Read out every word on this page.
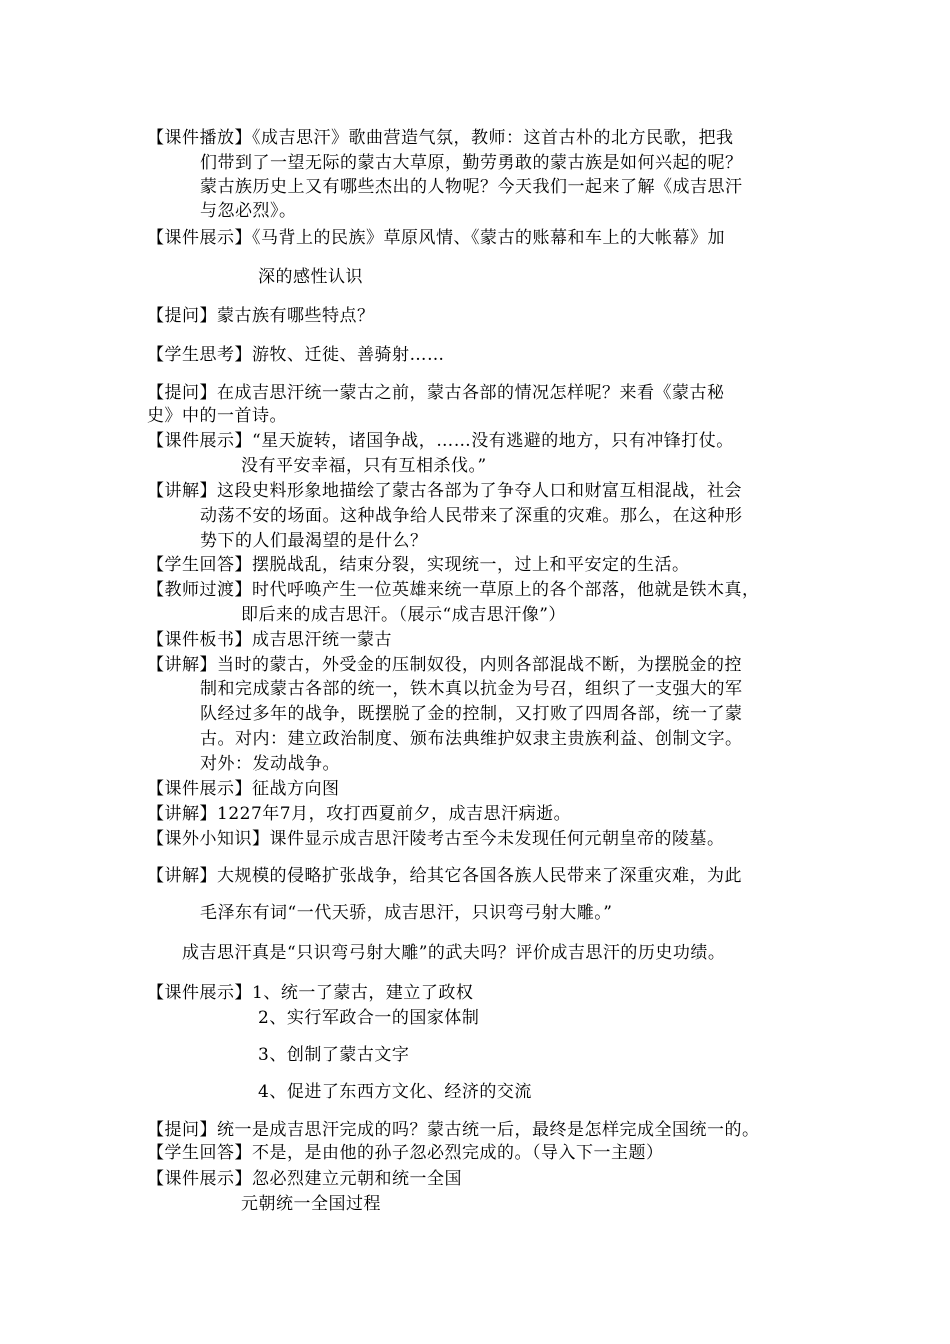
【课件播放】《成吉思汗》歌曲营造气氛，教师：这首古朴的北方民歌，把我
们带到了一望无际的蒙古大草原，勤劳勇敢的蒙古族是如何兴起的呢？
蒙古族历史上又有哪些杰出的人物呢？今天我们一起来了解《成吉思汗
与忽必烈》。
【课件展示】《马背上的民族》草原风情、《蒙古的账幕和车上的大帐幕》加
深的感性认识
【提问】蒙古族有哪些特点？
【学生思考】游牧、迁徙、善骑射……
【提问】在成吉思汗统一蒙古之前，蒙古各部的情况怎样呢？来看《蒙古秘
史》中的一首诗。
【课件展示】“星天旋转，诸国争战，……没有逃避的地方，只有冲锋打仗。
没有平安幸福，只有互相杀伐。”
【讲解】这段史料形象地描绘了蒙古各部为了争夺人口和财富互相混战，社会
动荡不安的场面。这种战争给人民带来了深重的灾难。那么，在这种形
势下的人们最渴望的是什么？
【学生回答】摆脱战乱，结束分裂，实现统一，过上和平安定的生活。
【教师过渡】时代呼唤产生一位英雄来统一草原上的各个部落，他就是铁木真，
即后来的成吉思汗。（展示“成吉思汗像”）
【课件板书】成吉思汗统一蒙古
【讲解】当时的蒙古，外受金的压制奴役，内则各部混战不断，为摆脱金的控
制和完成蒙古各部的统一，铁木真以抗金为号召，组织了一支强大的军
队经过多年的战争，既摆脱了金的控制，又打败了四周各部，统一了蒙
古。对内：建立政治制度、颁布法典维护奴隶主贵族利益、创制文字。
对外：发动战争。
【课件展示】征战方向图
【讲解】1227年7月，攻打西夏前夕，成吉思汗病逝。
【课外小知识】课件显示成吉思汗陵考古至今未发现任何元朝皇帝的陵墓。
【讲解】大规模的侵略扩张战争，给其它各国各族人民带来了深重灾难，为此
毛泽东有词“一代天骄，成吉思汗，只识弯弓射大雕。”
成吉思汗真是“只识弯弓射大雕”的武夫吗？评价成吉思汗的历史功绩。
【课件展示】1、统一了蒙古，建立了政权
2、实行军政合一的国家体制
3、创制了蒙古文字
4、促进了东西方文化、经济的交流
【提问】统一是成吉思汗完成的吗？蒙古统一后，最终是怎样完成全国统一的。
【学生回答】不是，是由他的孙子忽必烈完成的。（导入下一主题）
【课件展示】忽必烈建立元朝和统一全国
元朝统一全国过程
